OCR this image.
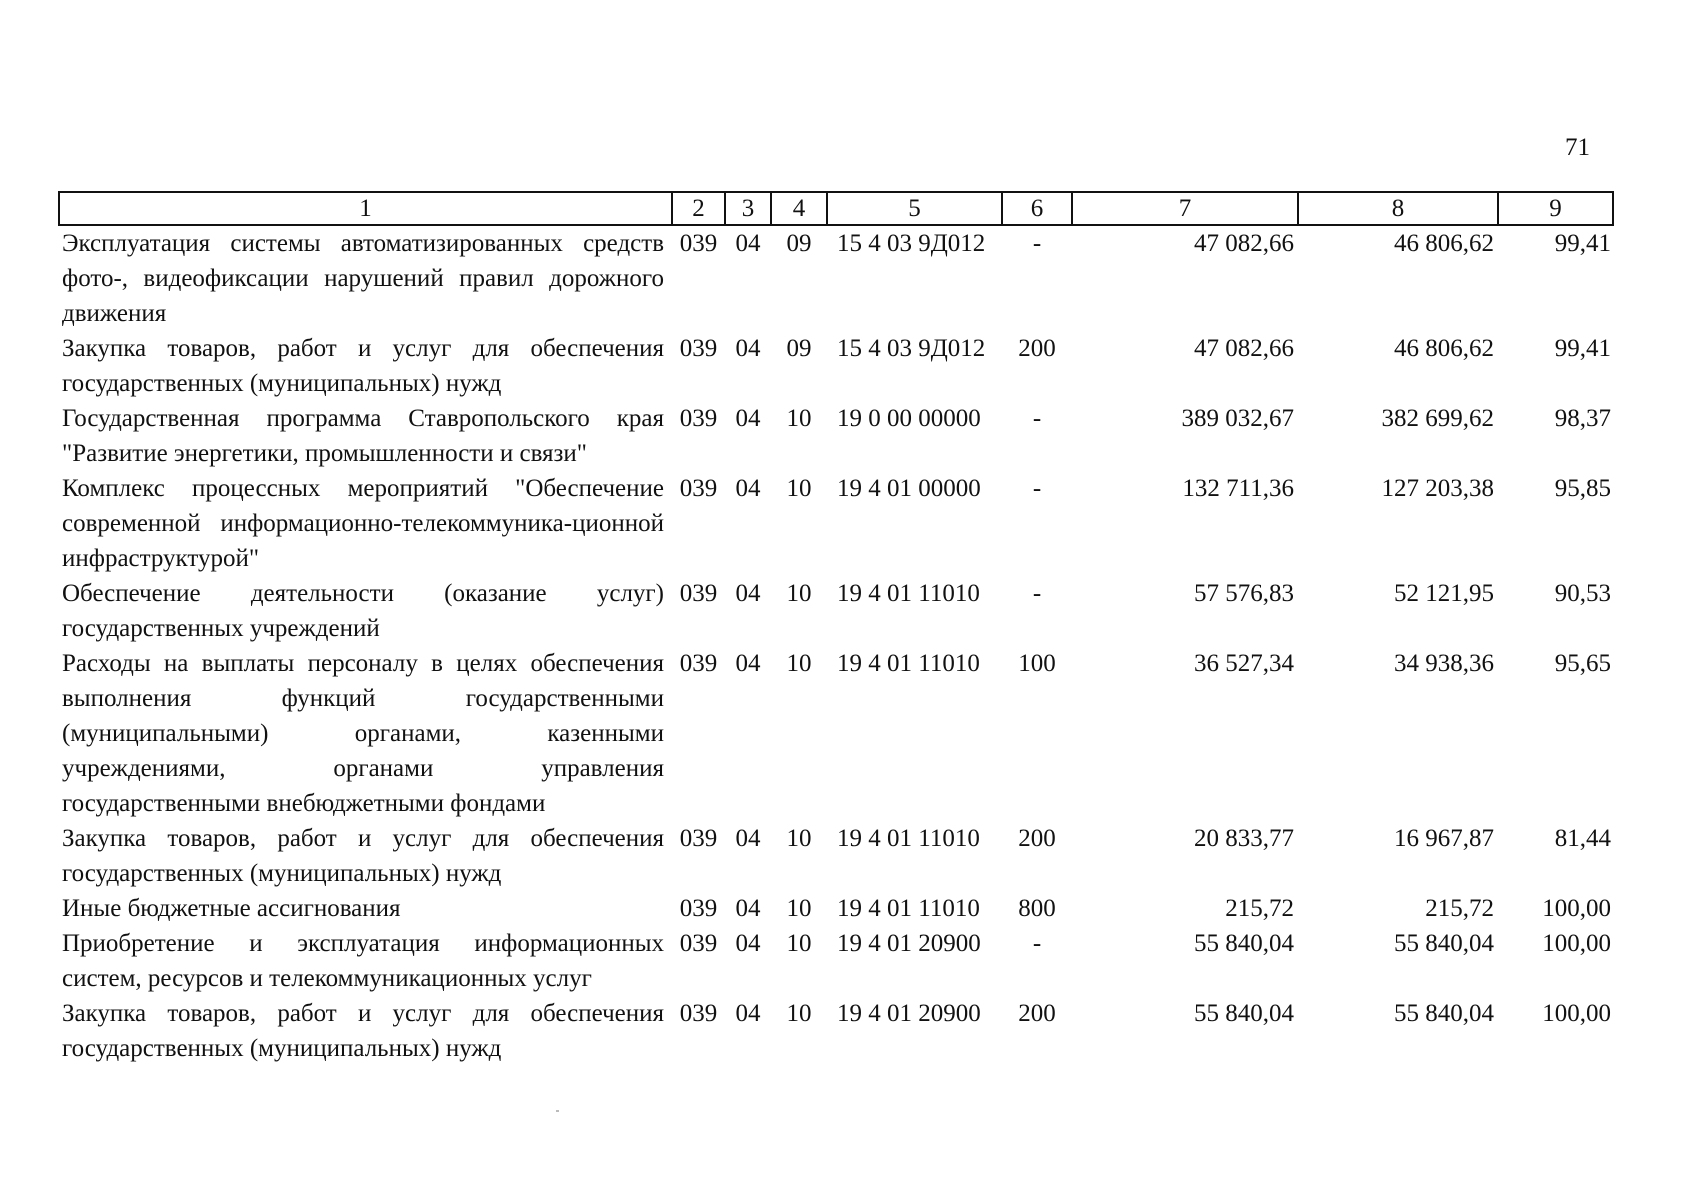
71
1	2	3	4	5	6	7	8	9
Эксплуатация системы автоматизированных средств фото-, видеофиксации нарушений правил дорожного движения	039	04	09	15 4 03 9Д012	-	47 082,66	46 806,62	99,41
Закупка товаров, работ и услуг для обеспечения государственных (муниципальных) нужд	039	04	09	15 4 03 9Д012	200	47 082,66	46 806,62	99,41
Государственная программа Ставропольского края "Развитие энергетики, промышленности и связи"	039	04	10	19 0 00 00000	-	389 032,67	382 699,62	98,37
Комплекс процессных мероприятий "Обеспечение современной информационно-телекоммуника-ционной инфраструктурой"	039	04	10	19 4 01 00000	-	132 711,36	127 203,38	95,85
Обеспечение деятельности (оказание услуг) государственных учреждений	039	04	10	19 4 01 11010	-	57 576,83	52 121,95	90,53
Расходы на выплаты персоналу в целях обеспечения выполнения функций государственными (муниципальными) органами, казенными учреждениями, органами управления государственными внебюджетными фондами	039	04	10	19 4 01 11010	100	36 527,34	34 938,36	95,65
Закупка товаров, работ и услуг для обеспечения государственных (муниципальных) нужд	039	04	10	19 4 01 11010	200	20 833,77	16 967,87	81,44
Иные бюджетные ассигнования	039	04	10	19 4 01 11010	800	215,72	215,72	100,00
Приобретение и эксплуатация информационных систем, ресурсов и телекоммуникационных услуг	039	04	10	19 4 01 20900	-	55 840,04	55 840,04	100,00
Закупка товаров, работ и услуг для обеспечения государственных (муниципальных) нужд	039	04	10	19 4 01 20900	200	55 840,04	55 840,04	100,00
